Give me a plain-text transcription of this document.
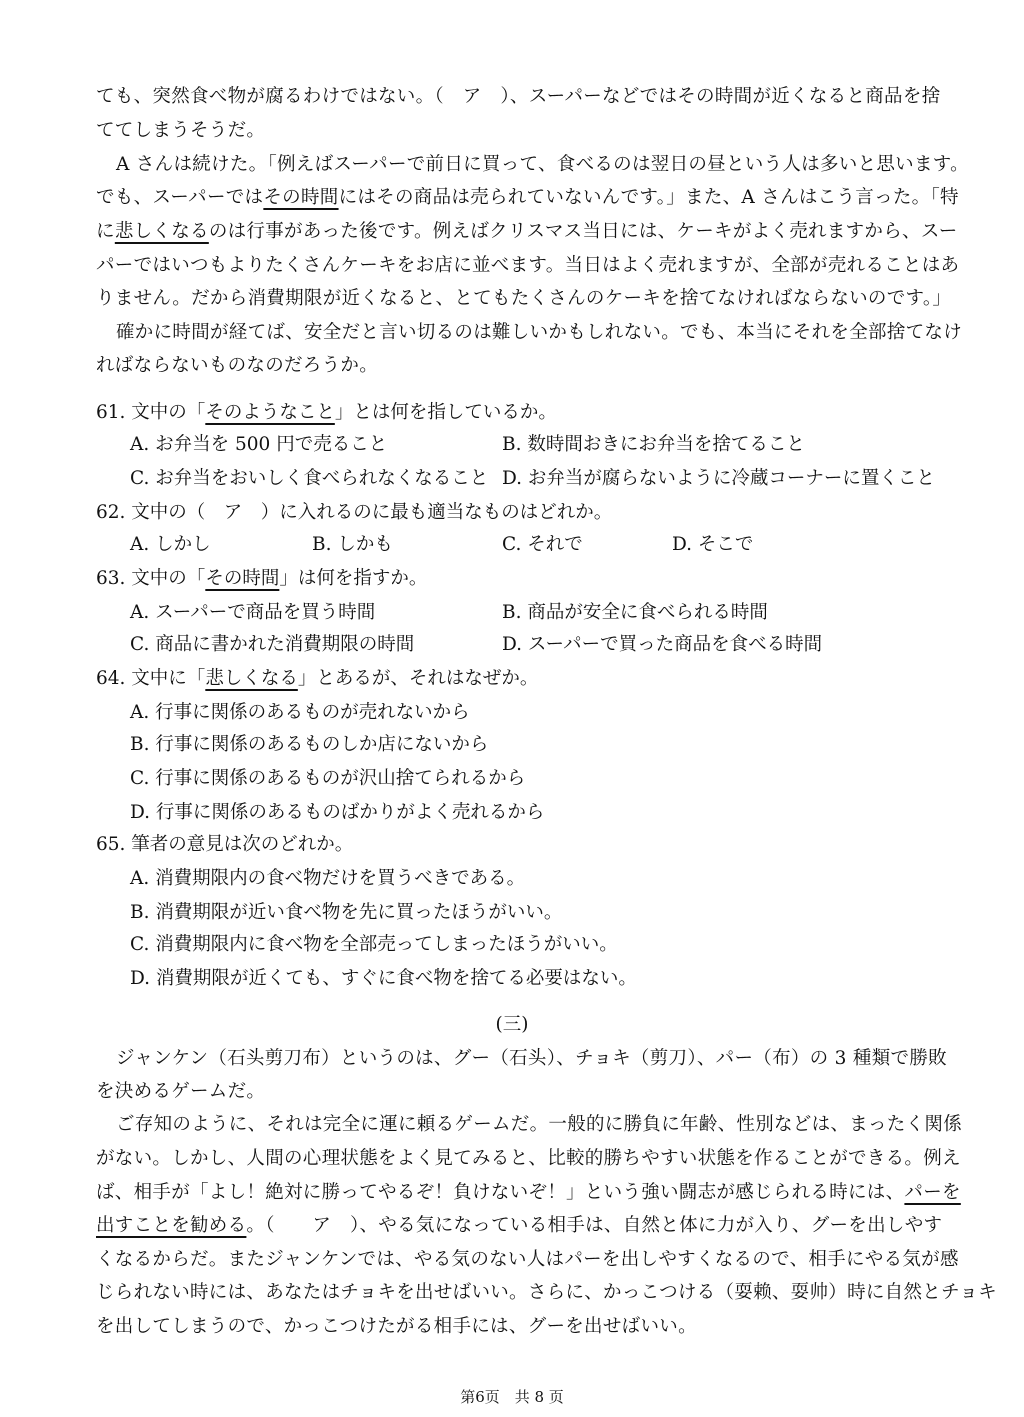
ても、突然食べ物が腐るわけではない。（　ア　）、スーパーなどではその時間が近くなると商品を捨
ててしまうそうだ。
A さんは続けた。「例えばスーパーで前日に買って、食べるのは翌日の昼という人は多いと思います。
でも、スーパーではその時間にはその商品は売られていないんです。」また、A さんはこう言った。「特
に悲しくなるのは行事があった後です。例えばクリスマス当日には、ケーキがよく売れますから、スー
パーではいつもよりたくさんケーキをお店に並べます。当日はよく売れますが、全部が売れることはあ
りません。だから消費期限が近くなると、とてもたくさんのケーキを捨てなければならないのです。」
確かに時間が経てば、安全だと言い切るのは難しいかもしれない。でも、本当にそれを全部捨てなけ
ればならないものなのだろうか。
61. 文中の「そのようなこと」とは何を指しているか。
A. お弁当を 500 円で売ること	B. 数時間おきにお弁当を捨てること
C. お弁当をおいしく食べられなくなること D. お弁当が腐らないように冷蔵コーナーに置くこと
62. 文中の（　ア　）に入れるのに最も適当なものはどれか。
A. しかし	B. しかも	C. それで	D. そこで
63. 文中の「その時間」は何を指すか。
A. スーパーで商品を買う時間	B. 商品が安全に食べられる時間
C. 商品に書かれた消費期限の時間	D. スーパーで買った商品を食べる時間
64. 文中に「悲しくなる」とあるが、それはなぜか。
A. 行事に関係のあるものが売れないから
B. 行事に関係のあるものしか店にないから
C. 行事に関係のあるものが沢山捨てられるから
D. 行事に関係のあるものばかりがよく売れるから
65. 筆者の意見は次のどれか。
A. 消費期限内の食べ物だけを買うべきである。
B. 消費期限が近い食べ物を先に買ったほうがいい。
C. 消費期限内に食べ物を全部売ってしまったほうがいい。
D. 消費期限が近くても、すぐに食べ物を捨てる必要はない。
(三)
ジャンケン（石头剪刀布）というのは、グー（石头）、チョキ（剪刀）、パー（布）の 3 種類で勝敗
を決めるゲームだ。
ご存知のように、それは完全に運に頼るゲームだ。一般的に勝負に年齢、性別などは、まったく関係
がない。しかし、人間の心理状態をよく見てみると、比較的勝ちやすい状態を作ることができる。例え
ば、相手が「よし！絶対に勝ってやるぞ！負けないぞ！」という強い闘志が感じられる時には、パーを
出すことを勧める。（　　ア　）、やる気になっている相手は、自然と体に力が入り、グーを出しやす
くなるからだ。またジャンケンでは、やる気のない人はパーを出しやすくなるので、相手にやる気が感
じられない時には、あなたはチョキを出せばいい。さらに、かっこつける（耍赖、耍帅）時に自然とチョキ
を出してしまうので、かっこつけたがる相手には、グーを出せばいい。
第6页　共 8 页
